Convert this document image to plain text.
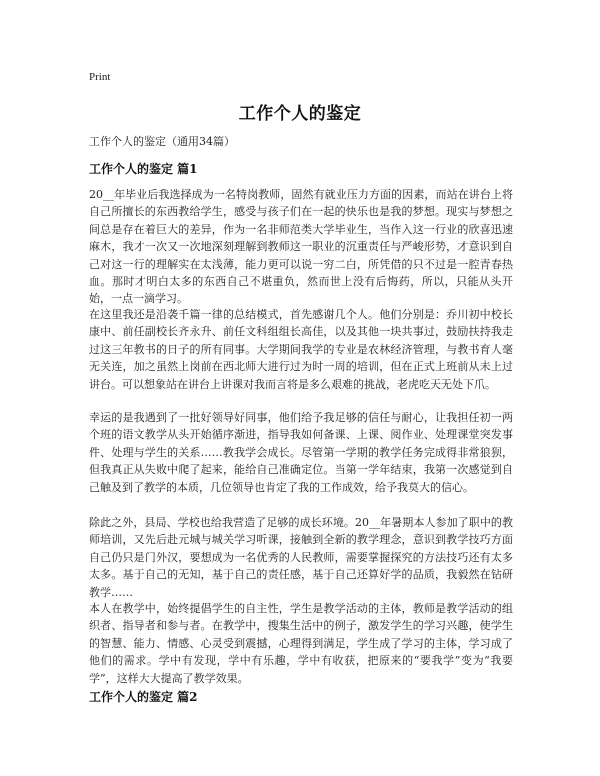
Print
工作个人的鉴定
工作个人的鉴定（通用34篇）
工作个人的鉴定 篇1

20__年毕业后我选择成为一名特岗教师，固然有就业压力方面的因素，而站在讲台上将自己所擅长的东西教给学生，感受与孩子们在一起的快乐也是我的梦想。现实与梦想之间总是存在着巨大的差异，作为一名非师范类大学毕业生，当作入这一行业的欣喜迅速麻木，我才一次又一次地深刻理解到教师这一职业的沉重责任与严峻形势，才意识到自己对这一行的理解实在太浅薄，能力更可以说一穷二白，所凭借的只不过是一腔青春热血。那时才明白太多的东西自己不堪重负，然而世上没有后悔药，所以，只能从头开始，一点一滴学习。

在这里我还是沿袭千篇一律的总结模式，首先感谢几个人。他们分别是：乔川初中校长康中、前任副校长齐永升、前任文科组组长高佳，以及其他一块共事过，鼓励扶持我走过这三年教书的日子的所有同事。大学期间我学的专业是农林经济管理，与教书育人毫无关连，加之虽然上岗前在西北师大进行过为时一周的培训，但在正式上班前从未上过讲台。可以想象站在讲台上讲课对我而言将是多么艰难的挑战，老虎吃天无处下爪。

幸运的是我遇到了一批好领导好同事，他们给予我足够的信任与耐心，让我担任初一两个班的语文教学从头开始循序渐进，指导我如何备课、上课、阅作业、处理课堂突发事件、处理与学生的关系……教我学会成长。尽管第一学期的教学任务完成得非常狼狈，但我真正从失败中爬了起来，能给自己准确定位。当第一学年结束，我第一次感觉到自己触及到了教学的本质，几位领导也肯定了我的工作成效，给予我莫大的信心。

除此之外，县局、学校也给我营造了足够的成长环境。20__年暑期本人参加了职中的教师培训，又先后赴元城与城关学习听课，接触到全新的教学理念，意识到教学技巧方面自己仍只是门外汉，要想成为一名优秀的人民教师，需要掌握探究的方法技巧还有太多太多。基于自己的无知，基于自己的责任感，基于自己还算好学的品质，我毅然在钻研教学……

本人在教学中，始终提倡学生的自主性，学生是教学活动的主体，教师是教学活动的组织者、指导者和参与者。在教学中，搜集生活中的例子，激发学生的学习兴趣，使学生的智慧、能力、情感、心灵受到震撼，心理得到满足，学生成了学习的主体，学习成了他们的需求。学中有发现，学中有乐趣，学中有收获，把原来的“要我学”变为“我要学”，这样大大提高了教学效果。

工作个人的鉴定 篇2
